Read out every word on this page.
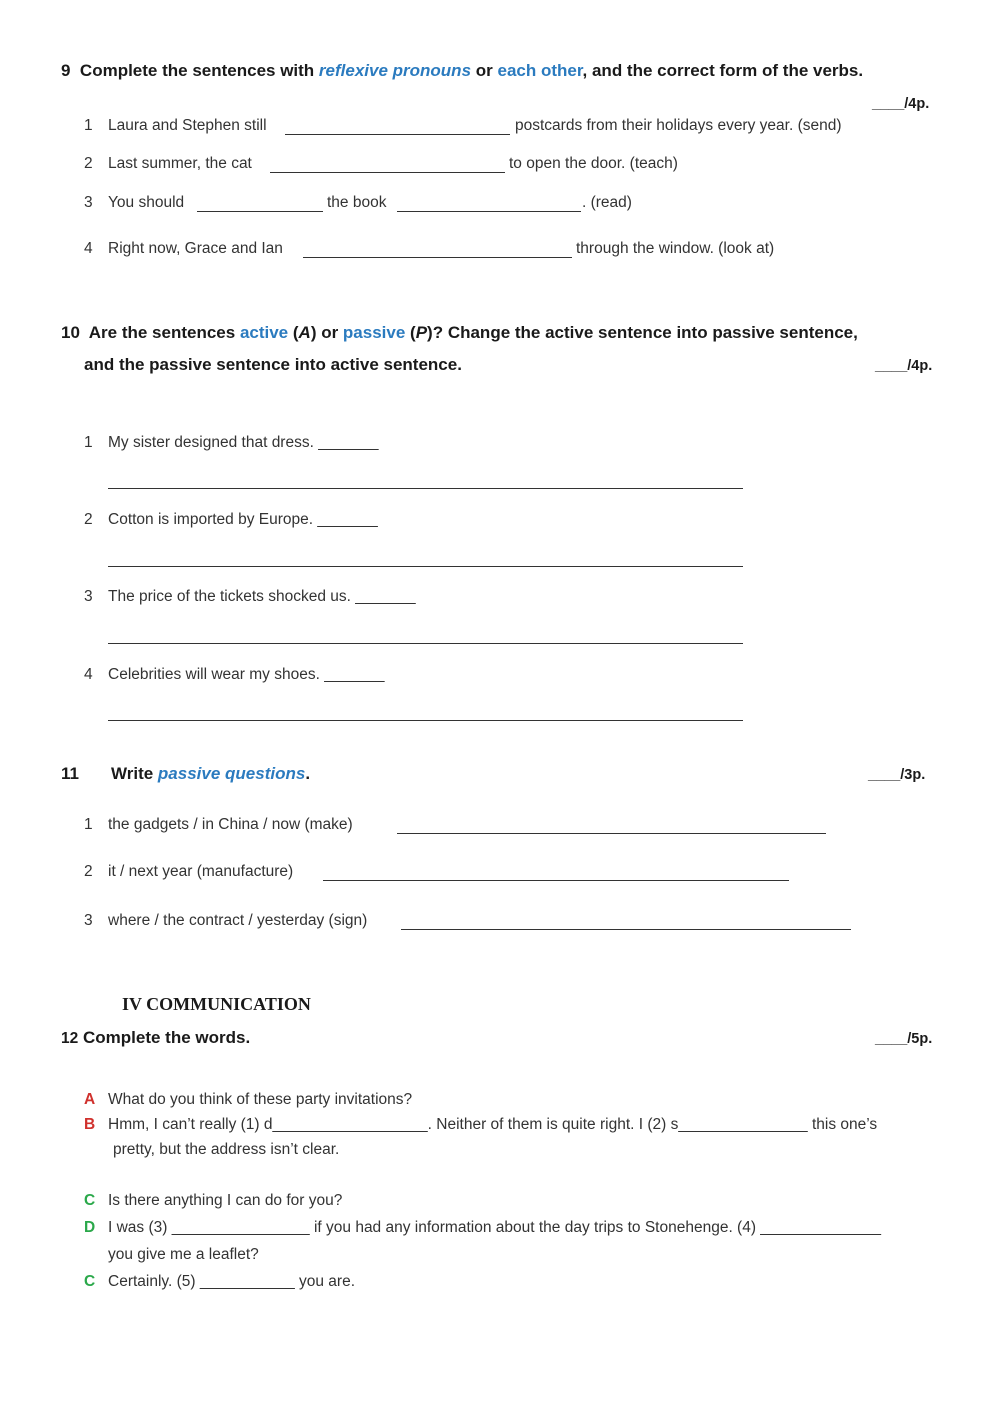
9 Complete the sentences with reflexive pronouns or each other, and the correct form of the verbs.
____/4p.
1 Laura and Stephen still	postcards from their holidays every year. (send)
2 Last summer, the cat	to open the door. (teach)
3 You should	the book	. (read)
4 Right now, Grace and Ian	through the window. (look at)
10 Are the sentences active (A) or passive (P)? Change the active sentence into passive sentence,
and the passive sentence into active sentence.	____/4p.
1 My sister designed that dress. _______
2 Cotton is imported by Europe. _______
3 The price of the tickets shocked us. _______
4 Celebrities will wear my shoes. _______
11 Write passive questions.	____/3p.
1 the gadgets / in China / now (make)
2 it / next year (manufacture)
3 where / the contract / yesterday (sign)
IV COMMUNICATION
12 Complete the words.	____/5p.
A What do you think of these party invitations?
B Hmm, I can’t really (1) d__________________. Neither of them is quite right. I (2) s_______________ this one’s
pretty, but the address isn’t clear.
C Is there anything I can do for you?
D I was (3) ________________ if you had any information about the day trips to Stonehenge. (4) ______________
you give me a leaflet?
C Certainly. (5) ___________ you are.
